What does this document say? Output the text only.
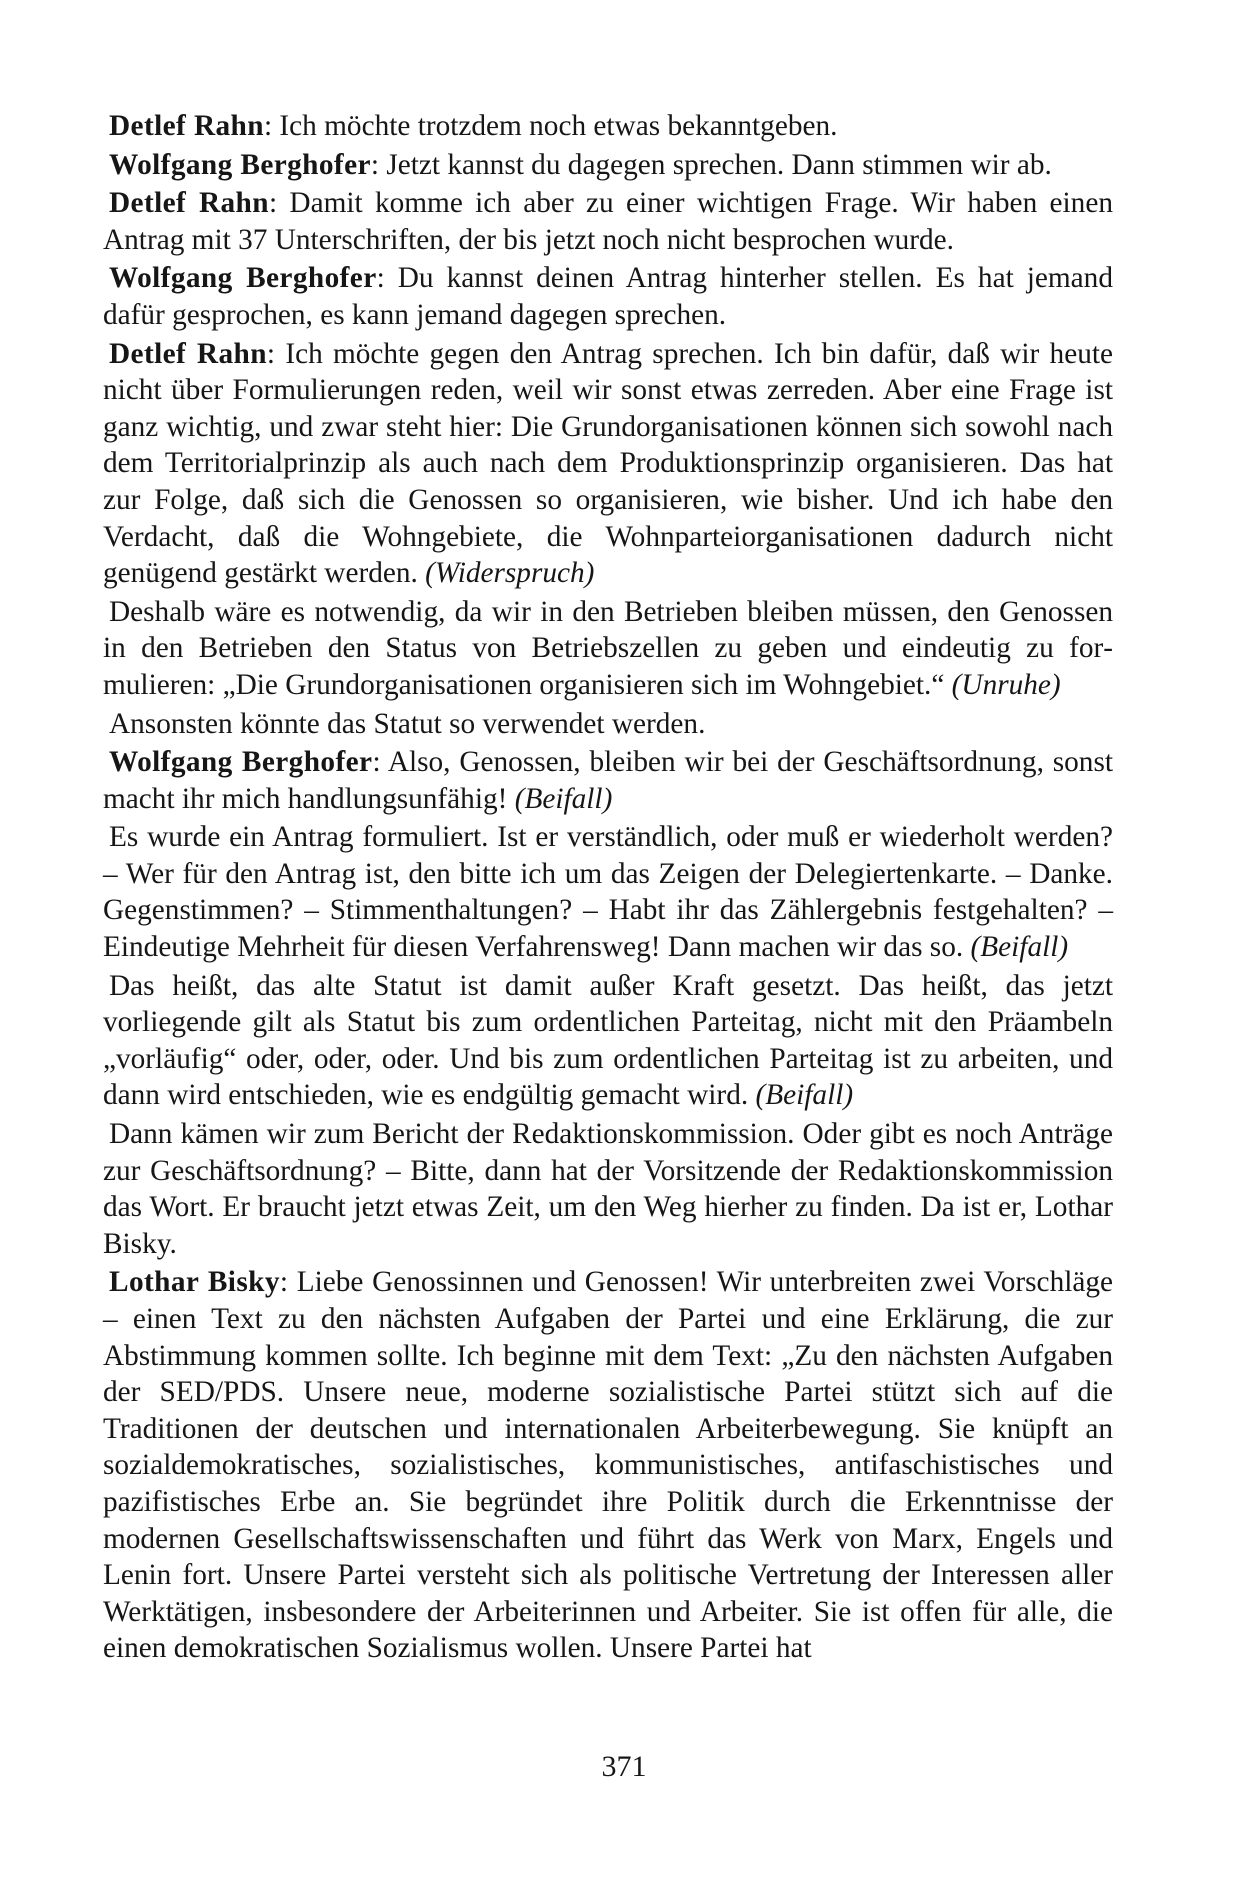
Detlef Rahn: Ich möchte trotzdem noch etwas bekanntgeben.

Wolfgang Berghofer: Jetzt kannst du dagegen sprechen. Dann stimmen wir ab.

Detlef Rahn: Damit komme ich aber zu einer wichtigen Frage. Wir haben einen Antrag mit 37 Unterschriften, der bis jetzt noch nicht besprochen wurde.

Wolfgang Berghofer: Du kannst deinen Antrag hinterher stellen. Es hat jemand dafür gesprochen, es kann jemand dagegen sprechen.

Detlef Rahn: Ich möchte gegen den Antrag sprechen. Ich bin dafür, daß wir heute nicht über Formulierungen reden, weil wir sonst etwas zerreden. Aber eine Frage ist ganz wichtig, und zwar steht hier: Die Grundorganisationen können sich sowohl nach dem Territorialprinzip als auch nach dem Produktionsprinzip organisieren. Das hat zur Folge, daß sich die Genossen so organisieren, wie bisher. Und ich habe den Verdacht, daß die Wohngebiete, die Wohnparteiorganisationen dadurch nicht genügend gestärkt werden. (Widerspruch)

Deshalb wäre es notwendig, da wir in den Betrieben bleiben müssen, den Genossen in den Betrieben den Status von Betriebszellen zu geben und eindeutig zu formulieren: „Die Grundorganisationen organisieren sich im Wohngebiet.“ (Unruhe)

Ansonsten könnte das Statut so verwendet werden.

Wolfgang Berghofer: Also, Genossen, bleiben wir bei der Geschäftsordnung, sonst macht ihr mich handlungsunfähig! (Beifall)

Es wurde ein Antrag formuliert. Ist er verständlich, oder muß er wiederholt werden? – Wer für den Antrag ist, den bitte ich um das Zeigen der Delegiertenkarte. – Danke. Gegenstimmen? – Stimmenthaltungen? – Habt ihr das Zählergebnis festgehalten? – Eindeutige Mehrheit für diesen Verfahrensweg! Dann machen wir das so. (Beifall)

Das heißt, das alte Statut ist damit außer Kraft gesetzt. Das heißt, das jetzt vorliegende gilt als Statut bis zum ordentlichen Parteitag, nicht mit den Präambeln „vorläufig“ oder, oder, oder. Und bis zum ordentlichen Parteitag ist zu arbeiten, und dann wird entschieden, wie es endgültig gemacht wird. (Beifall)

Dann kämen wir zum Bericht der Redaktionskommission. Oder gibt es noch Anträge zur Geschäftsordnung? – Bitte, dann hat der Vorsitzende der Redaktionskommission das Wort. Er braucht jetzt etwas Zeit, um den Weg hierher zu finden. Da ist er, Lothar Bisky.

Lothar Bisky: Liebe Genossinnen und Genossen! Wir unterbreiten zwei Vorschläge – einen Text zu den nächsten Aufgaben der Partei und eine Erklärung, die zur Abstimmung kommen sollte. Ich beginne mit dem Text: „Zu den nächsten Aufgaben der SED/PDS. Unsere neue, moderne sozialistische Partei stützt sich auf die Traditionen der deutschen und internationalen Arbeiterbewegung. Sie knüpft an sozialdemokratisches, sozialistisches, kommunistisches, antifaschistisches und pazifistisches Erbe an. Sie begründet ihre Politik durch die Erkenntnisse der modernen Gesellschaftswissenschaften und führt das Werk von Marx, Engels und Lenin fort. Unsere Partei versteht sich als politische Vertretung der Interessen aller Werktätigen, insbesondere der Arbeiterinnen und Arbeiter. Sie ist offen für alle, die einen demokratischen Sozialismus wollen. Unsere Partei hat

371
